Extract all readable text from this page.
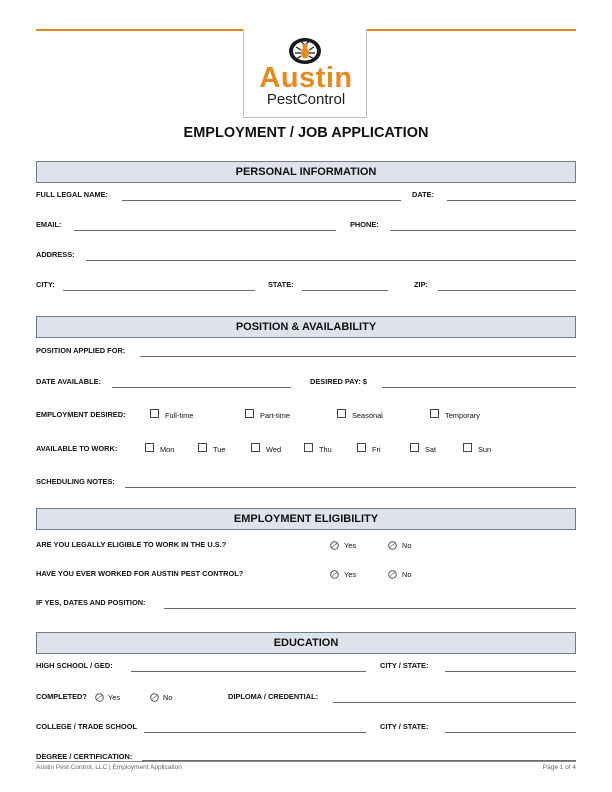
Austin
PestControl
EMPLOYMENT / JOB APPLICATION
PERSONAL INFORMATION
FULL LEGAL NAME:	DATE:
EMAIL:	PHONE:
ADDRESS:
CITY:	STATE:	ZIP:
POSITION & AVAILABILITY
POSITION APPLIED FOR:
DATE AVAILABLE:	DESIRED PAY: $
EMPLOYMENT DESIRED:	Full-time	Part-time	Seasonal	Temporary
AVAILABLE TO WORK:	Mon	Tue	Wed	Thu	Fri	Sat	Sun
SCHEDULING NOTES:
EMPLOYMENT ELIGIBILITY
ARE YOU LEGALLY ELIGIBLE TO WORK IN THE U.S.?	Yes	No
HAVE YOU EVER WORKED FOR AUSTIN PEST CONTROL?	Yes	No
IF YES, DATES AND POSITION:
EDUCATION
HIGH SCHOOL / GED:	CITY / STATE:
COMPLETED?	Yes	No	DIPLOMA / CREDENTIAL:
COLLEGE / TRADE SCHOOL	CITY / STATE:
DEGREE / CERTIFICATION:
Austin Pest Control, LLC | Employment Application	Page 1 of 4
